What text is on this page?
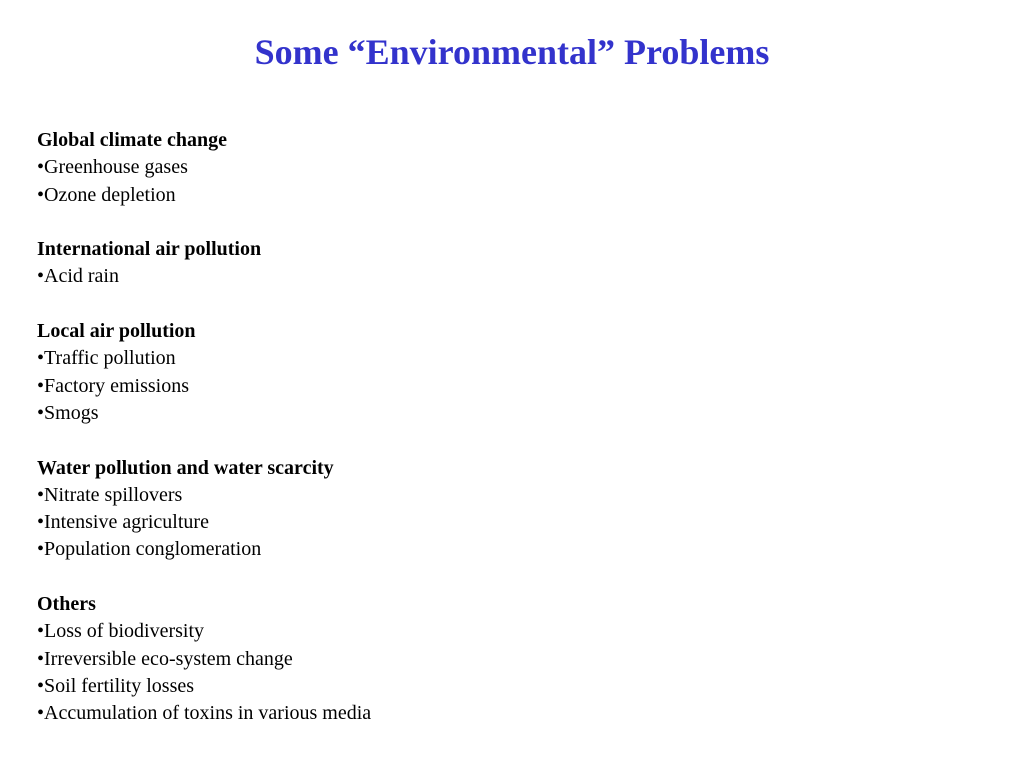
Some “Environmental” Problems

Global climate change

•Greenhouse gases
•Ozone depletion

International air pollution

•Acid rain

Local air pollution

•Traffic pollution
•Factory emissions
•Smogs

Water pollution and water scarcity

•Nitrate spillovers
•Intensive agriculture
•Population conglomeration

Others

•Loss of biodiversity
•Irreversible eco-system change
•Soil fertility losses
•Accumulation of toxins in various media
